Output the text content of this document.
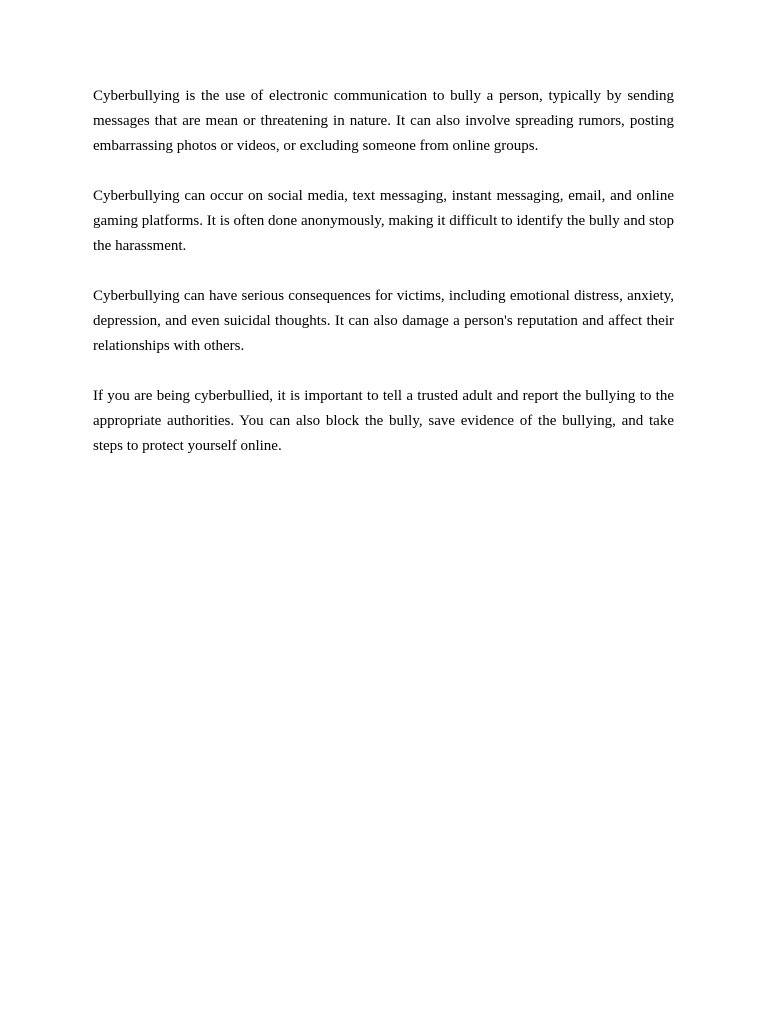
Cyberbullying is the use of electronic communication to bully a person, typically by sending messages that are mean or threatening in nature. It can also involve spreading rumors, posting embarrassing photos or videos, or excluding someone from online groups.

Cyberbullying can occur on social media, text messaging, instant messaging, email, and online gaming platforms. It is often done anonymously, making it difficult to identify the bully and stop the harassment.

Cyberbullying can have serious consequences for victims, including emotional distress, anxiety, depression, and even suicidal thoughts. It can also damage a person's reputation and affect their relationships with others.

If you are being cyberbullied, it is important to tell a trusted adult and report the bullying to the appropriate authorities. You can also block the bully, save evidence of the bullying, and take steps to protect yourself online.
